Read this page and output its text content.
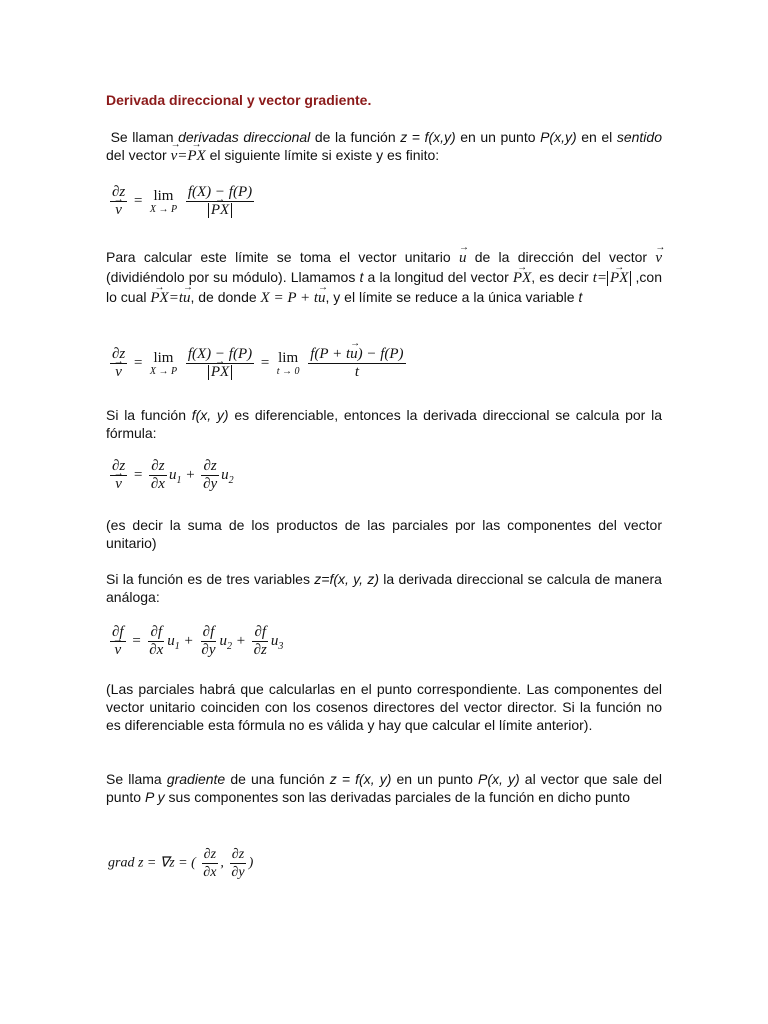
Derivada direccional y vector gradiente.

Se llaman derivadas direccional de la función z = f(x,y) en un punto P(x,y) en el sentido del vector → v=→ PX el siguiente límite si existe y es finito:

∂z
→ v = lim
X → P
f(X) − f(P)
→ PX

Para calcular este límite se toma el vector unitario → u de la dirección del vector → v (dividiéndolo por su módulo). Llamamos t a la longitud del vector → PX, es decir t=→ PX ,con lo cual → PX=t→ u, de donde X = P + t→ u, y el límite se reduce a la única variable t

∂z
→ v = lim
X → P
f(X) − f(P)
→ PX = lim
t → 0
$\frac{f(P + t\to u) - f(P)}{t}$

Si la función f(x, y) es diferenciable, entonces la derivada direccional se calcula por la fórmula:

∂z
→ $v = \frac{\partial z}{\partial x} u_1 + \frac{\partial z}{\partial y} u_2$

(es decir la suma de los productos de las parciales por las componentes del vector unitario)

Si la función es de tres variables z=f(x, y, z) la derivada direccional se calcula de manera análoga:

∂f
→ $v = \frac{\partial f}{\partial x} u_1 + \frac{\partial f}{\partial y} u_2 + \frac{\partial f}{\partial z} u_3$

(Las parciales habrá que calcularlas en el punto correspondiente. Las componentes del vector unitario coinciden con los cosenos directores del vector director. Si la función no es diferenciable esta fórmula no es válida y hay que calcular el límite anterior).

Se llama gradiente de una función z = f(x, y) en un punto P(x, y) al vector que sale del punto P y sus componentes son las derivadas parciales de la función en dicho punto

grad z = ∇z = ( $\frac{\partial z}{\partial x}$ , $\frac{\partial z}{\partial y}$ )
